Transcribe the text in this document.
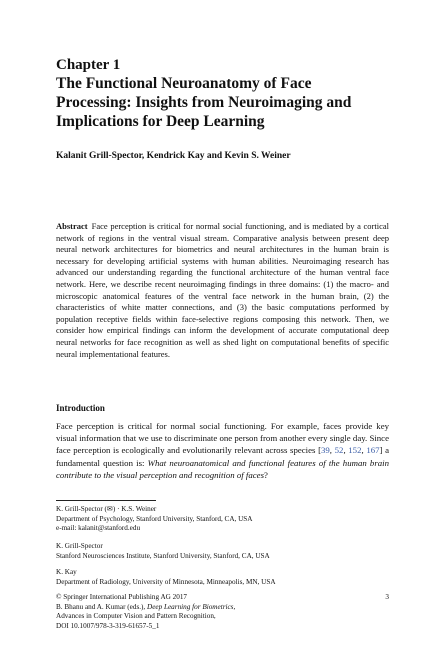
Chapter 1
The Functional Neuroanatomy of Face Processing: Insights from Neuroimaging and Implications for Deep Learning
Kalanit Grill-Spector, Kendrick Kay and Kevin S. Weiner
Abstract Face perception is critical for normal social functioning, and is mediated by a cortical network of regions in the ventral visual stream. Comparative analysis between present deep neural network architectures for biometrics and neural architectures in the human brain is necessary for developing artificial systems with human abilities. Neuroimaging research has advanced our understanding regarding the functional architecture of the human ventral face network. Here, we describe recent neuroimaging findings in three domains: (1) the macro- and microscopic anatomical features of the ventral face network in the human brain, (2) the characteristics of white matter connections, and (3) the basic computations performed by population receptive fields within face-selective regions composing this network. Then, we consider how empirical findings can inform the development of accurate computational deep neural networks for face recognition as well as shed light on computational benefits of specific neural implementational features.
Introduction
Face perception is critical for normal social functioning. For example, faces provide key visual information that we use to discriminate one person from another every single day. Since face perception is ecologically and evolutionarily relevant across species [39, 52, 152, 167] a fundamental question is: What neuroanatomical and functional features of the human brain contribute to the visual perception and recognition of faces?
K. Grill-Spector (✉) · K.S. Weiner
Department of Psychology, Stanford University, Stanford, CA, USA
e-mail: kalanit@stanford.edu
K. Grill-Spector
Stanford Neurosciences Institute, Stanford University, Stanford, CA, USA
K. Kay
Department of Radiology, University of Minnesota, Minneapolis, MN, USA
© Springer International Publishing AG 2017	3
B. Bhanu and A. Kumar (eds.), Deep Learning for Biometrics,
Advances in Computer Vision and Pattern Recognition,
DOI 10.1007/978-3-319-61657-5_1
